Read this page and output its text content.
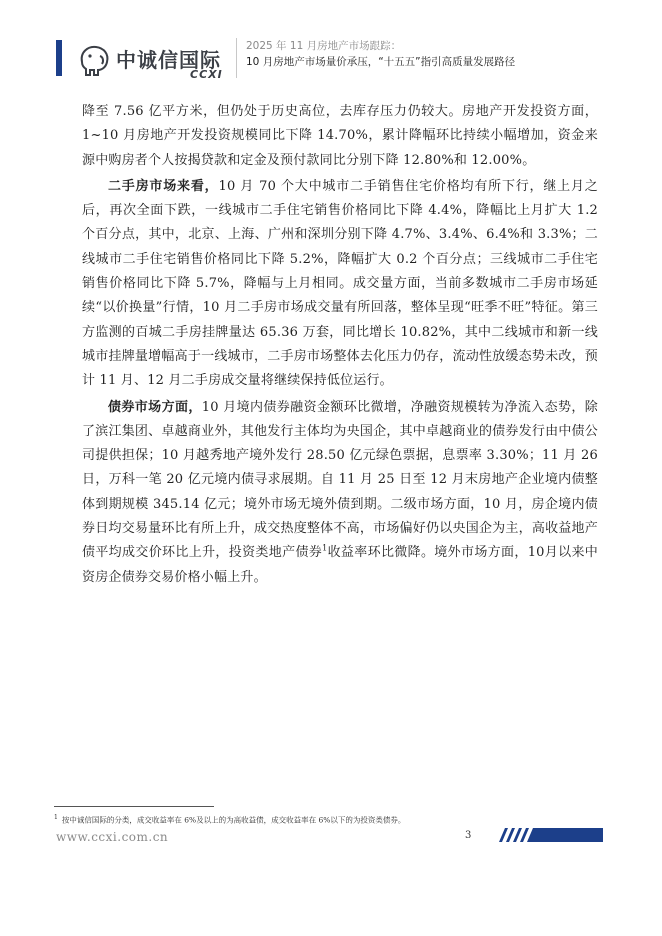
中诚信国际
CCXI
2025 年 11 月房地产市场跟踪：
10 月房地产市场量价承压，“十五五”指引高质量发展路径

降至 7.56 亿平方米，但仍处于历史高位，去库存压力仍较大。房地产开发投资方面，1~10 月房地产开发投资规模同比下降 14.70%，累计降幅环比持续小幅增加，资金来源中购房者个人按揭贷款和定金及预付款同比分别下降 12.80%和 12.00%。

二手房市场来看，10 月 70 个大中城市二手销售住宅价格均有所下行，继上月之后，再次全面下跌，一线城市二手住宅销售价格同比下降 4.4%，降幅比上月扩大 1.2 个百分点，其中，北京、上海、广州和深圳分别下降 4.7%、3.4%、6.4%和 3.3%；二线城市二手住宅销售价格同比下降 5.2%，降幅扩大 0.2 个百分点；三线城市二手住宅销售价格同比下降 5.7%，降幅与上月相同。成交量方面，当前多数城市二手房市场延续“以价换量”行情，10 月二手房市场成交量有所回落，整体呈现“旺季不旺”特征。第三方监测的百城二手房挂牌量达 65.36 万套，同比增长 10.82%，其中二线城市和新一线城市挂牌量增幅高于一线城市，二手房市场整体去化压力仍存，流动性放缓态势未改，预计 11 月、12 月二手房成交量将继续保持低位运行。

债券市场方面，10 月境内债券融资金额环比微增，净融资规模转为净流入态势，除了滨江集团、卓越商业外，其他发行主体均为央国企，其中卓越商业的债券发行由中债公司提供担保；10 月越秀地产境外发行 28.50 亿元绿色票据，息票率 3.30%；11 月 26 日，万科一笔 20 亿元境内债寻求展期。自 11 月 25 日至 12 月末房地产企业境内债整体到期规模 345.14 亿元；境外市场无境外债到期。二级市场方面，10 月，房企境内债券日均交易量环比有所上升，成交热度整体不高，市场偏好仍以央国企为主，高收益地产债平均成交价环比上升，投资类地产债券$^1$收益率环比微降。境外市场方面，10月以来中资房企债券交易价格小幅上升。

$^1$ 按中诚信国际的分类，成交收益率在 6%及以上的为高收益债，成交收益率在 6%以下的为投资类债券。
www.ccxi.com.cn	3
